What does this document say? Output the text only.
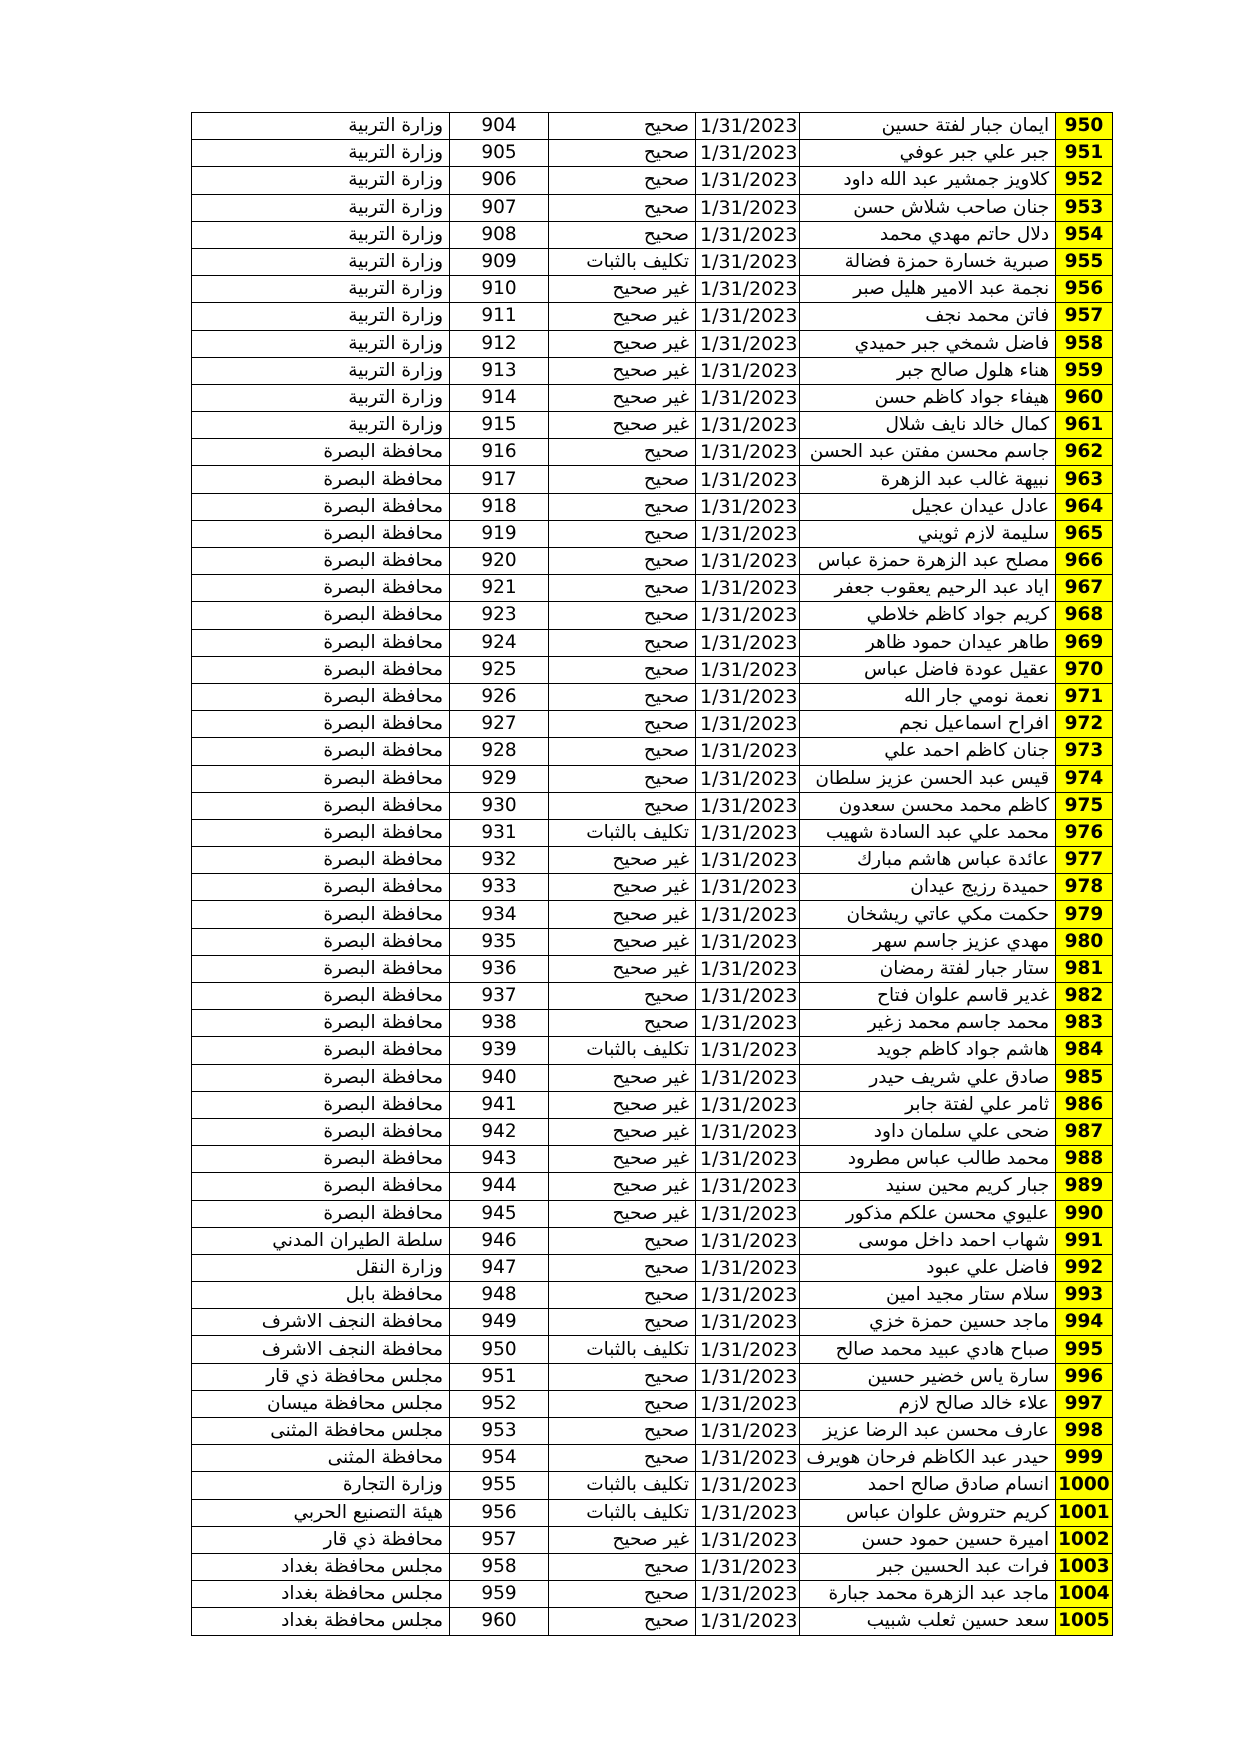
950	ايمان جبار لفتة حسين	1/31/2023	صحيح	904	وزارة التربية
951	جبر علي جبر عوفي	1/31/2023	صحيح	905	وزارة التربية
952	كلاويز جمشير عبد الله داود	1/31/2023	صحيح	906	وزارة التربية
953	جنان صاحب شلاش حسن	1/31/2023	صحيح	907	وزارة التربية
954	دلال حاتم مهدي محمد	1/31/2023	صحيح	908	وزارة التربية
955	صبرية خسارة حمزة فضالة	1/31/2023	تكليف بالثبات	909	وزارة التربية
956	نجمة عبد الامير هليل صبر	1/31/2023	غير صحيح	910	وزارة التربية
957	فاتن محمد نجف	1/31/2023	غير صحيح	911	وزارة التربية
958	فاضل شمخي جبر حميدي	1/31/2023	غير صحيح	912	وزارة التربية
959	هناء هلول صالح جبر	1/31/2023	غير صحيح	913	وزارة التربية
960	هيفاء جواد كاظم حسن	1/31/2023	غير صحيح	914	وزارة التربية
961	كمال خالد نايف شلال	1/31/2023	غير صحيح	915	وزارة التربية
962	جاسم محسن مفتن عبد الحسن	1/31/2023	صحيح	916	محافظة البصرة
963	نبيهة غالب عبد الزهرة	1/31/2023	صحيح	917	محافظة البصرة
964	عادل عيدان عجيل	1/31/2023	صحيح	918	محافظة البصرة
965	سليمة لازم ثويني	1/31/2023	صحيح	919	محافظة البصرة
966	مصلح عبد الزهرة حمزة عباس	1/31/2023	صحيح	920	محافظة البصرة
967	اياد عبد الرحيم يعقوب جعفر	1/31/2023	صحيح	921	محافظة البصرة
968	كريم جواد كاظم خلاطي	1/31/2023	صحيح	923	محافظة البصرة
969	طاهر عيدان حمود ظاهر	1/31/2023	صحيح	924	محافظة البصرة
970	عقيل عودة فاضل عباس	1/31/2023	صحيح	925	محافظة البصرة
971	نعمة نومي جار الله	1/31/2023	صحيح	926	محافظة البصرة
972	افراح اسماعيل نجم	1/31/2023	صحيح	927	محافظة البصرة
973	جنان كاظم احمد علي	1/31/2023	صحيح	928	محافظة البصرة
974	قيس عبد الحسن عزيز سلطان	1/31/2023	صحيح	929	محافظة البصرة
975	كاظم محمد محسن سعدون	1/31/2023	صحيح	930	محافظة البصرة
976	محمد علي عبد السادة شهيب	1/31/2023	تكليف بالثبات	931	محافظة البصرة
977	عائدة عباس هاشم مبارك	1/31/2023	غير صحيح	932	محافظة البصرة
978	حميدة رزيج عيدان	1/31/2023	غير صحيح	933	محافظة البصرة
979	حكمت مكي عاتي ريشخان	1/31/2023	غير صحيح	934	محافظة البصرة
980	مهدي عزيز جاسم سهر	1/31/2023	غير صحيح	935	محافظة البصرة
981	ستار جبار لفتة رمضان	1/31/2023	غير صحيح	936	محافظة البصرة
982	غدير قاسم علوان فتاح	1/31/2023	صحيح	937	محافظة البصرة
983	محمد جاسم محمد زغير	1/31/2023	صحيح	938	محافظة البصرة
984	هاشم جواد كاظم جويد	1/31/2023	تكليف بالثبات	939	محافظة البصرة
985	صادق علي شريف حيدر	1/31/2023	غير صحيح	940	محافظة البصرة
986	ثامر علي لفتة جابر	1/31/2023	غير صحيح	941	محافظة البصرة
987	ضحى علي سلمان داود	1/31/2023	غير صحيح	942	محافظة البصرة
988	محمد طالب عباس مطرود	1/31/2023	غير صحيح	943	محافظة البصرة
989	جبار كريم محين سنيد	1/31/2023	غير صحيح	944	محافظة البصرة
990	عليوي محسن علكم مذكور	1/31/2023	غير صحيح	945	محافظة البصرة
991	شهاب احمد داخل موسى	1/31/2023	صحيح	946	سلطة الطيران المدني
992	فاضل علي عبود	1/31/2023	صحيح	947	وزارة النقل
993	سلام ستار مجيد امين	1/31/2023	صحيح	948	محافظة بابل
994	ماجد حسين حمزة خزي	1/31/2023	صحيح	949	محافظة النجف الاشرف
995	صباح هادي عبيد محمد صالح	1/31/2023	تكليف بالثبات	950	محافظة النجف الاشرف
996	سارة ياس خضير حسين	1/31/2023	صحيح	951	مجلس محافظة ذي قار
997	علاء خالد صالح لازم	1/31/2023	صحيح	952	مجلس محافظة ميسان
998	عارف محسن عبد الرضا عزيز	1/31/2023	صحيح	953	مجلس محافظة المثنى
999	حيدر عبد الكاظم فرحان هويرف	1/31/2023	صحيح	954	محافظة المثنى
1000	انسام صادق صالح احمد	1/31/2023	تكليف بالثبات	955	وزارة التجارة
1001	كريم حتروش علوان عباس	1/31/2023	تكليف بالثبات	956	هيئة التصنيع الحربي
1002	اميرة حسين حمود حسن	1/31/2023	غير صحيح	957	محافظة ذي قار
1003	فرات عبد الحسين جبر	1/31/2023	صحيح	958	مجلس محافظة بغداد
1004	ماجد عبد الزهرة محمد جبارة	1/31/2023	صحيح	959	مجلس محافظة بغداد
1005	سعد حسين ثعلب شبيب	1/31/2023	صحيح	960	مجلس محافظة بغداد
